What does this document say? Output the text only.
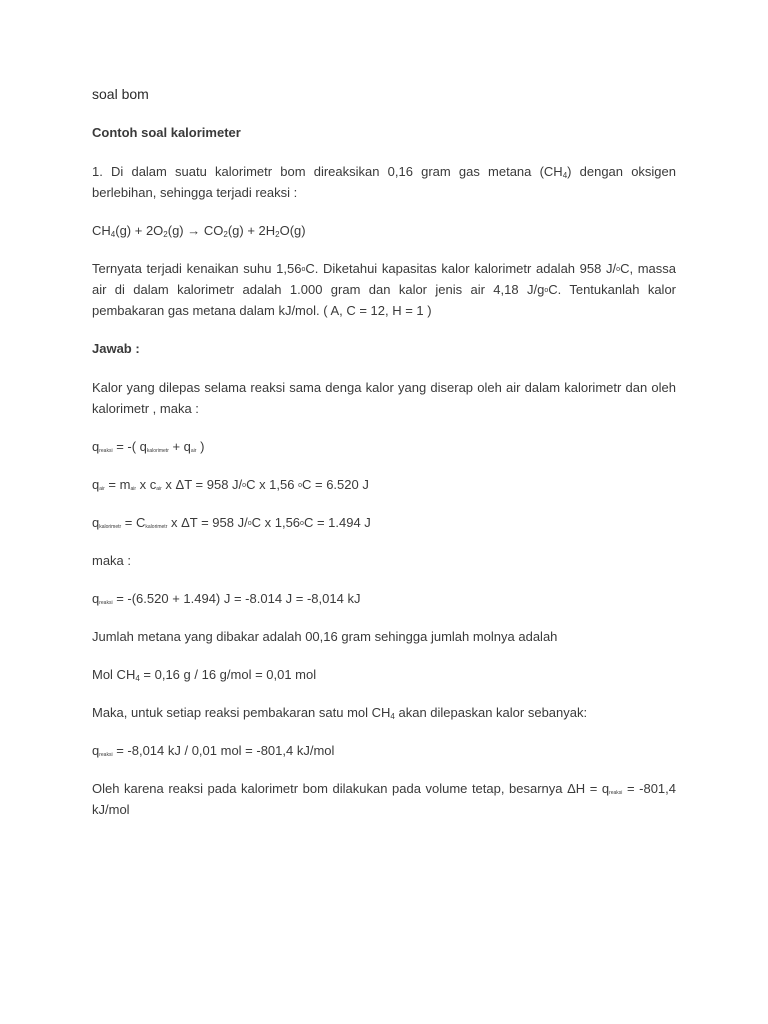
soal bom
Contoh soal kalorimeter

1. Di dalam suatu kalorimetr bom direaksikan 0,16 gram gas metana $(CH_4)$ dengan oksigen berlebihan, sehingga terjadi reaksi :

$CH_4(g) + 2O_2(g) \to CO_2(g) + 2H_2O(g)$

Ternyata terjadi kenaikan suhu 1,56$^o$C. Diketahui kapasitas kalor kalorimetr adalah 958 J/$^o$C, massa air di dalam kalorimetr adalah 1.000 gram dan kalor jenis air 4,18 $J/g^oC$. Tentukanlah kalor pembakaran gas metana dalam kJ/mol. ( A, C = 12, H = 1 )

Jawab :

Kalor yang dilepas selama reaksi sama denga kalor yang diserap oleh air dalam kalorimetr dan oleh kalorimetr , maka :

$q_{reaksi}$ = -( $q_{kalorimetr} + q_{air}$ )

$q_{air} = m_{air}$ x $c_{air}$ x ΔT = 958 J/$^o$C x 1,56 $^o$C = 6.520 J

$q_{kalorimetr} = C_{kalorimetr}$ x ΔT = 958 J/$^o$C x $1,56^oC = 1.494$ J

maka :

$q_{reaksi} = -(6.520 + 1.494) J = -8.014$ J = -8,014 kJ

Jumlah metana yang dibakar adalah 00,16 gram sehingga jumlah molnya adalah

Mol $CH_4 = 0,16$ g / 16 g/mol = 0,01 mol

Maka, untuk setiap reaksi pembakaran satu mol $CH_4$ akan dilepaskan kalor sebanyak:

$q_{reaksi} = -8,014$ kJ / 0,01 mol = -801,4 kJ/mol

Oleh karena reaksi pada kalorimetr bom dilakukan pada volume tetap, besarnya $\Delta H = q_{reaksi} = -801,4$ kJ/mol
